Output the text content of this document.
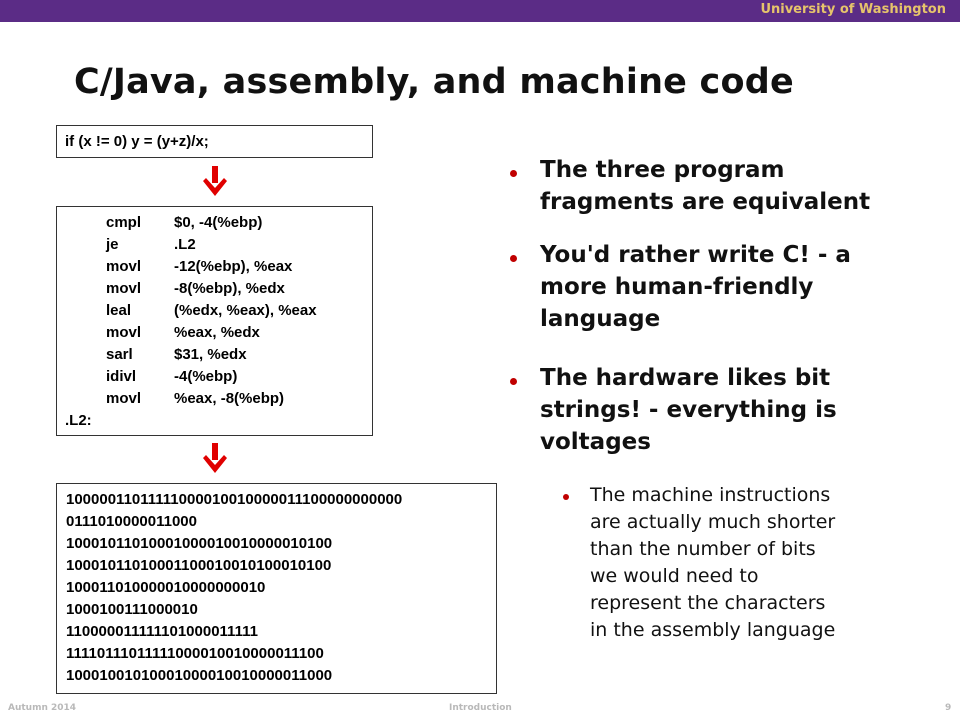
University of Washington
C/Java, assembly, and machine code
if (x != 0) y = (y+z)/x;
cmpl $0, -4(%ebp)
je	.L2
movl -12(%ebp), %eax
movl -8(%ebp), %edx
leal	(%edx, %eax), %eax
movl %eax, %edx
sarl	$31, %edx
idivl	-4(%ebp)
movl %eax, -8(%ebp)
.L2:
10000011011111000010010000011100000000000
0111010000011000
10001011010001000010010000010100
10001011010001100010010100010100
100011010000010000000010
1000100111000010
110000011111101000011111
11110111011111000010010000011100
10001001010001000010010000011000
The three program
fragments are equivalent
You'd rather write C! - a
more human-friendly
language
The hardware likes bit
strings! - everything is
voltages
The machine instructions
are actually much shorter
than the number of bits
we would need to
represent the characters
in the assembly language
Autumn 2014	Introduction	9
